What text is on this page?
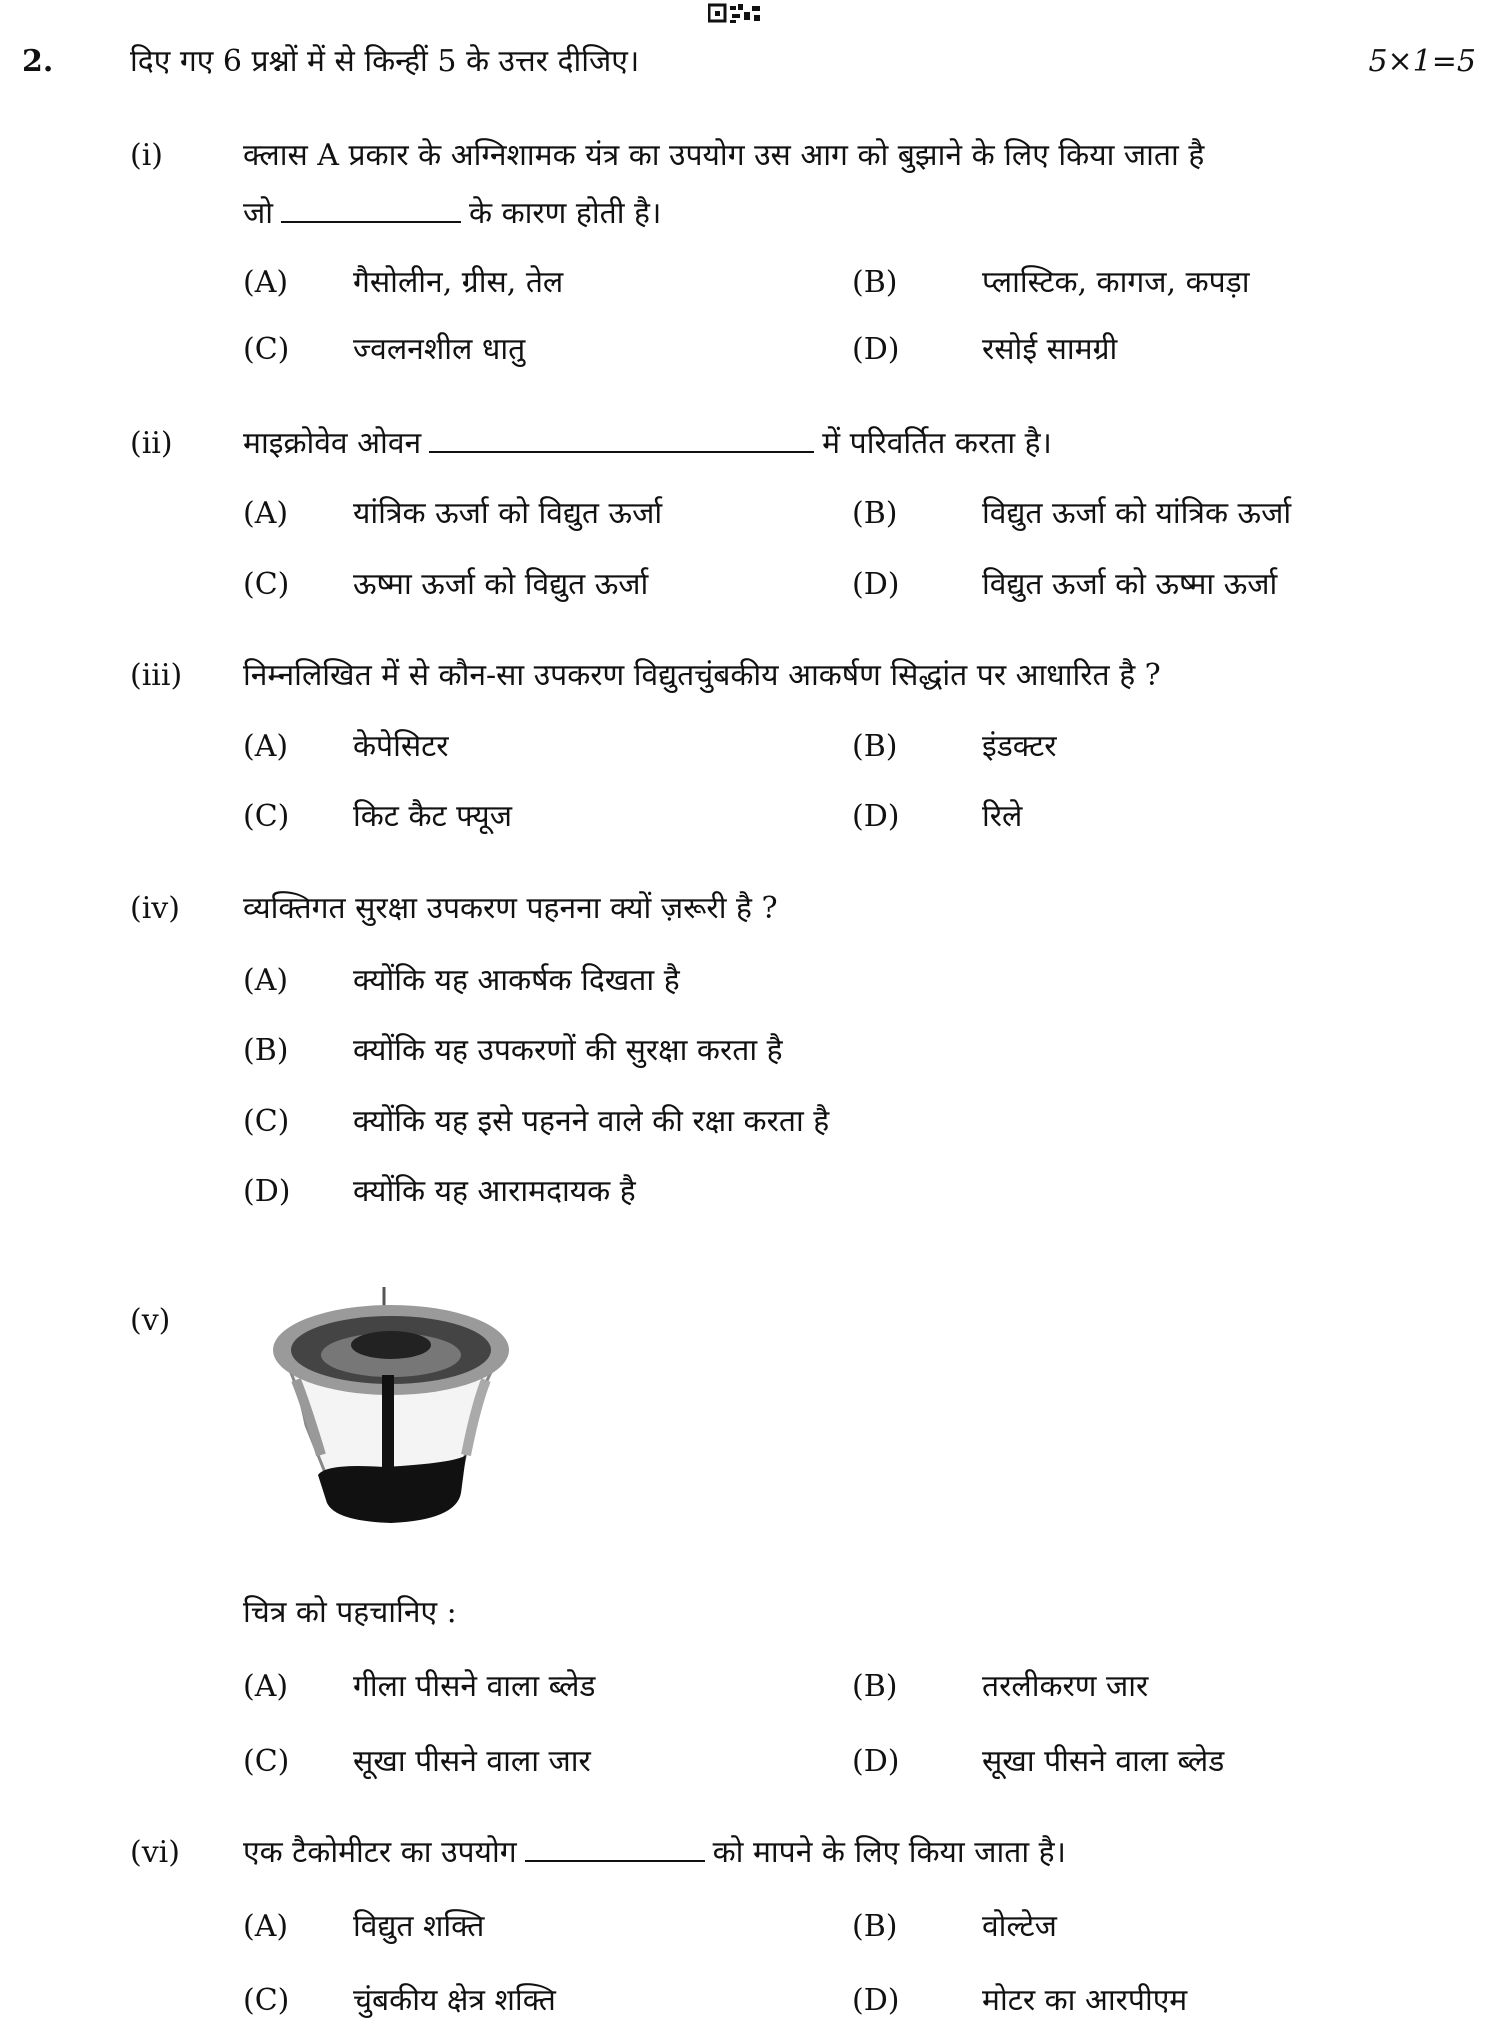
2.	दिए गए 6 प्रश्नों में से किन्हीं 5 के उत्तर दीजिए।	5×1=5
(i)	क्लास A प्रकार के अग्निशामक यंत्र का उपयोग उस आग को बुझाने के लिए किया जाता है
जो	के कारण होती है।
(A) गैसोलीन, ग्रीस, तेल	(B)	प्लास्टिक, कागज, कपड़ा
(C) ज्वलनशील धातु	(D)	रसोई सामग्री
(ii) माइक्रोवेव ओवन	में परिवर्तित करता है।
(A) यांत्रिक ऊर्जा को विद्युत ऊर्जा	(B)	विद्युत ऊर्जा को यांत्रिक ऊर्जा
(C) ऊष्मा ऊर्जा को विद्युत ऊर्जा	(D)	विद्युत ऊर्जा को ऊष्मा ऊर्जा
(iii) निम्नलिखित में से कौन-सा उपकरण विद्युतचुंबकीय आकर्षण सिद्धांत पर आधारित है ?
(A) केपेसिटर	(B)	इंडक्टर
(C) किट कैट फ्यूज	(D)	रिले
(iv) व्यक्तिगत सुरक्षा उपकरण पहनना क्यों ज़रूरी है ?
(A) क्योंकि यह आकर्षक दिखता है
(B) क्योंकि यह उपकरणों की सुरक्षा करता है
(C) क्योंकि यह इसे पहनने वाले की रक्षा करता है
(D) क्योंकि यह आरामदायक है
(v)
चित्र को पहचानिए :
(A) गीला पीसने वाला ब्लेड	(B)	तरलीकरण जार
(C) सूखा पीसने वाला जार	(D)	सूखा पीसने वाला ब्लेड
(vi) एक टैकोमीटर का उपयोग	को मापने के लिए किया जाता है।
(A) विद्युत शक्ति	(B)	वोल्टेज
(C) चुंबकीय क्षेत्र शक्ति	(D)	मोटर का आरपीएम
